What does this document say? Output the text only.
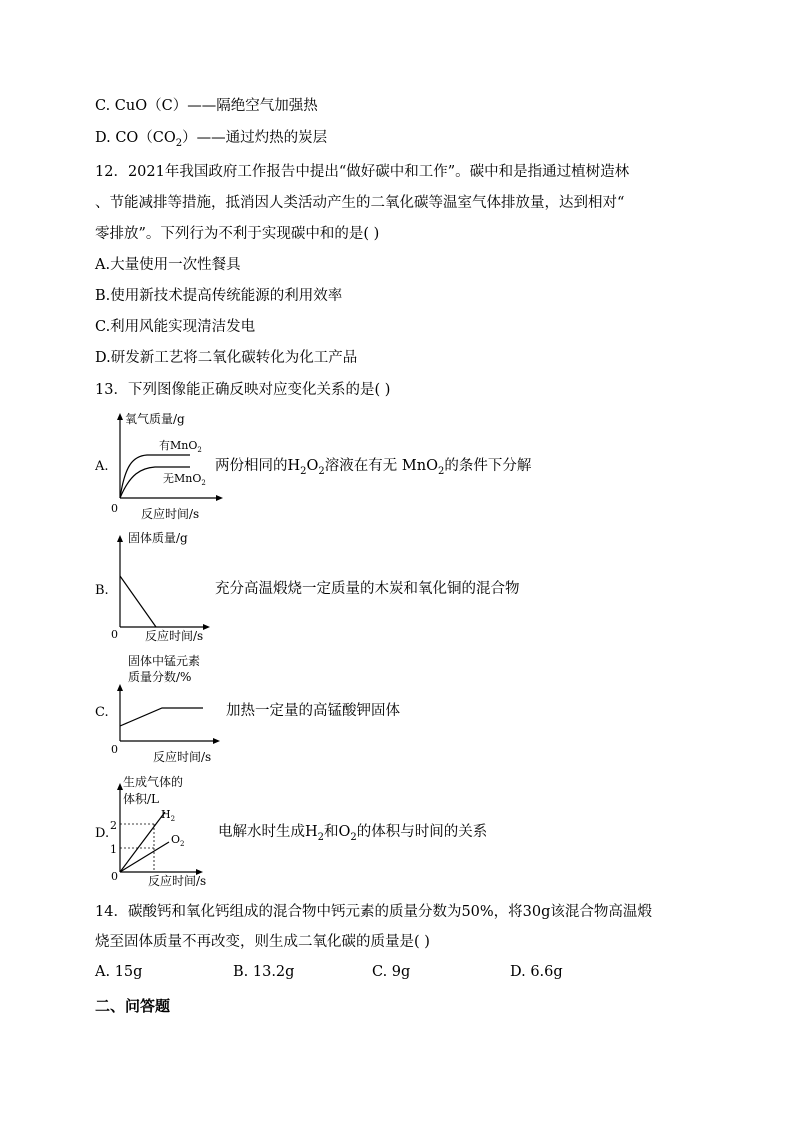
C. CuO（C）——隔绝空气加强热
D. $CO(CO_2)——$通过灼热的炭层
12．2021年我国政府工作报告中提出“做好碳中和工作”。碳中和是指通过植树造林
、节能减排等措施，抵消因人类活动产生的二氧化碳等温室气体排放量，达到相对“
零排放”。下列行为不利于实现碳中和的是( )
A.大量使用一次性餐具
B.使用新技术提高传统能源的利用效率
C.利用风能实现清洁发电
D.研发新工艺将二氧化碳转化为化工产品
13．下列图像能正确反映对应变化关系的是( )
A.
氧气质量/g
反应时间/s
0
有MnO$_2$
无MnO$_2$
两份相同的$H_2O_2$溶液在有无 MnO$_2$的条件下分解
B.
固体质量/g
反应时间/s
0
充分高温煅烧一定质量的木炭和氧化铜的混合物
C.
固体中锰元素
质量分数/%
反应时间/s
0
加热一定量的高锰酸钾固体
D.
生成气体的
体积/L
反应时间/s
0
2
1
$H_2$
$O_2$
电解水时生成$H_2$和$O_2$的体积与时间的关系
14．碳酸钙和氧化钙组成的混合物中钙元素的质量分数为50%，将30g该混合物高温煅
烧至固体质量不再改变，则生成二氧化碳的质量是( )
A. 15g	B. 13.2g	C. 9g	D. 6.6g
二、问答题
